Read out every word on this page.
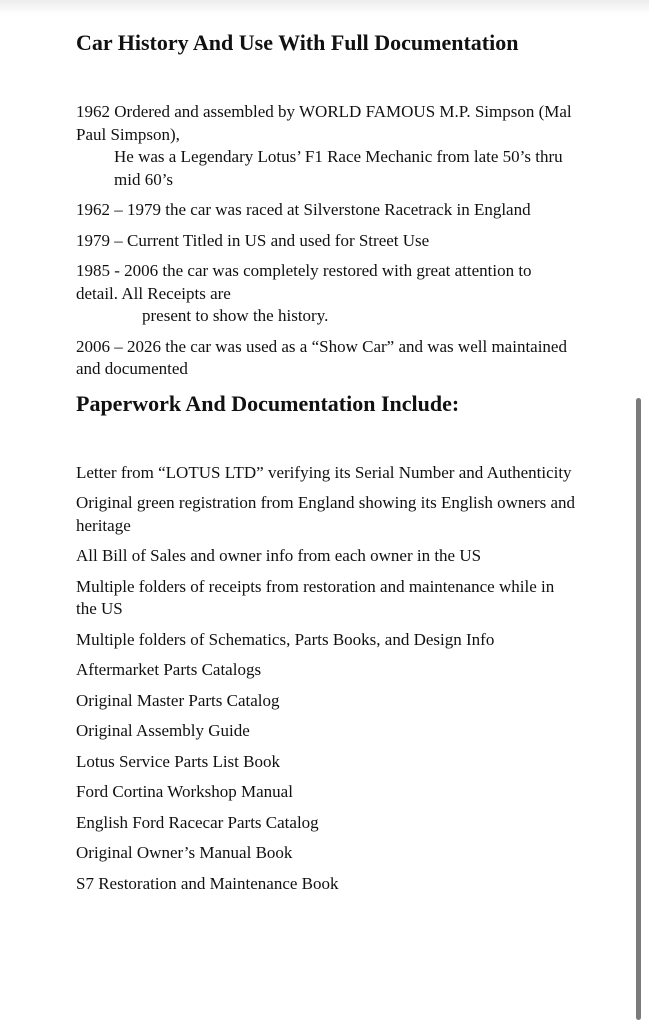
Car History And Use With Full Documentation

1962 Ordered and assembled by WORLD FAMOUS M.P. Simpson (Mal Paul Simpson),
He was a Legendary Lotus’ F1 Race Mechanic from late 50’s thru mid 60’s

1962 – 1979 the car was raced at Silverstone Racetrack in England

1979 – Current Titled in US and used for Street Use

1985 - 2006 the car was completely restored with great attention to detail. All Receipts are
present to show the history.

2006 – 2026 the car was used as a “Show Car” and was well maintained and documented

Paperwork And Documentation Include:

Letter from “LOTUS LTD” verifying its Serial Number and Authenticity

Original green registration from England showing its English owners and heritage

All Bill of Sales and owner info from each owner in the US

Multiple folders of receipts from restoration and maintenance while in the US

Multiple folders of Schematics, Parts Books, and Design Info

Aftermarket Parts Catalogs

Original Master Parts Catalog

Original Assembly Guide

Lotus Service Parts List Book

Ford Cortina Workshop Manual

English Ford Racecar Parts Catalog

Original Owner’s Manual Book

S7 Restoration and Maintenance Book
